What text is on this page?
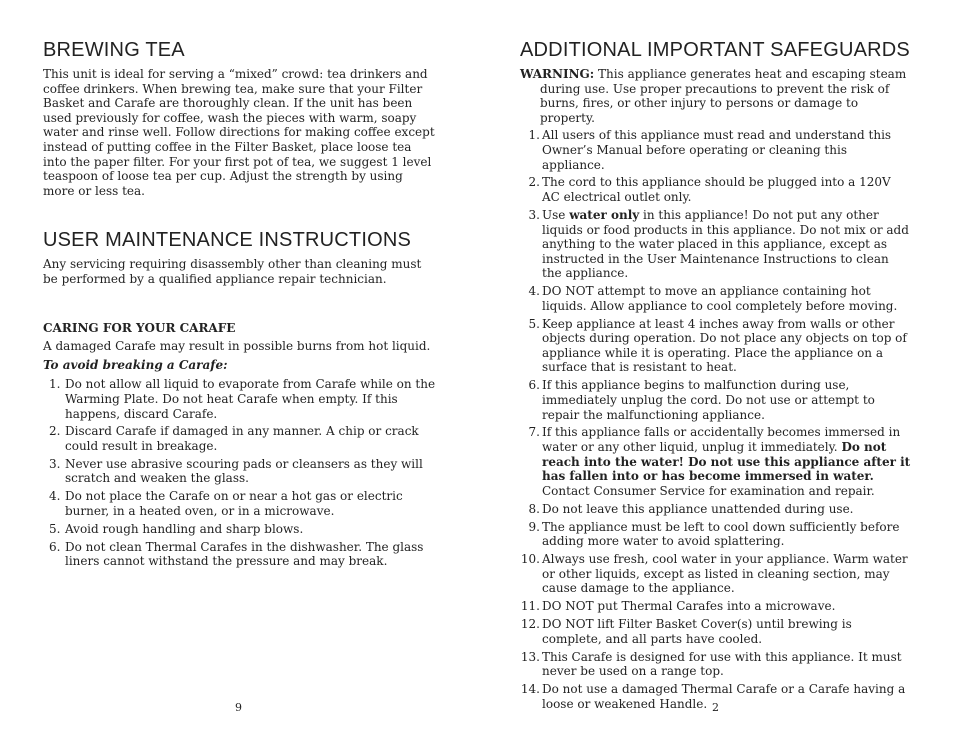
BREWING TEA

This unit is ideal for serving a “mixed” crowd: tea drinkers and coffee drinkers. When brewing tea, make sure that your Filter Basket and Carafe are thoroughly clean. If the unit has been used previously for coffee, wash the pieces with warm, soapy water and rinse well. Follow directions for making coffee except instead of putting coffee in the Filter Basket, place loose tea into the paper filter. For your first pot of tea, we suggest 1 level teaspoon of loose tea per cup. Adjust the strength by using more or less tea.

USER MAINTENANCE INSTRUCTIONS

Any servicing requiring disassembly other than cleaning must be performed by a qualified appliance repair technician.

CARING FOR YOUR CARAFE

A damaged Carafe may result in possible burns from hot liquid.

To avoid breaking a Carafe:
1. Do not allow all liquid to evaporate from Carafe while on the Warming Plate. Do not heat Carafe when empty. If this happens, discard Carafe.
2. Discard Carafe if damaged in any manner. A chip or crack could result in breakage.
3. Never use abrasive scouring pads or cleansers as they will scratch and weaken the glass.
4. Do not place the Carafe on or near a hot gas or electric burner, in a heated oven, or in a microwave.
5. Avoid rough handling and sharp blows.
6. Do not clean Thermal Carafes in the dishwasher. The glass liners cannot withstand the pressure and may break.
ADDITIONAL IMPORTANT SAFEGUARDS
WARNING: This appliance generates heat and escaping steam during use. Use proper precautions to prevent the risk of burns, fires, or other injury to persons or damage to property.
1. All users of this appliance must read and understand this Owner’s Manual before operating or cleaning this appliance.
2. The cord to this appliance should be plugged into a 120V AC electrical outlet only.
3. Use water only in this appliance! Do not put any other liquids or food products in this appliance. Do not mix or add anything to the water placed in this appliance, except as instructed in the User Maintenance Instructions to clean the appliance.
4. DO NOT attempt to move an appliance containing hot liquids. Allow appliance to cool completely before moving.
5. Keep appliance at least 4 inches away from walls or other objects during operation. Do not place any objects on top of appliance while it is operating. Place the appliance on a surface that is resistant to heat.
6. If this appliance begins to malfunction during use, immediately unplug the cord. Do not use or attempt to repair the malfunctioning appliance.
7. If this appliance falls or accidentally becomes immersed in water or any other liquid, unplug it immediately. Do not reach into the water! Do not use this appliance after it has fallen into or has become immersed in water. Contact Consumer Service for examination and repair.
8. Do not leave this appliance unattended during use.
9. The appliance must be left to cool down sufficiently before adding more water to avoid splattering.
10. Always use fresh, cool water in your appliance. Warm water or other liquids, except as listed in cleaning section, may cause damage to the appliance.
11. DO NOT put Thermal Carafes into a microwave.
12. DO NOT lift Filter Basket Cover(s) until brewing is complete, and all parts have cooled.
13. This Carafe is designed for use with this appliance. It must never be used on a range top.
14. Do not use a damaged Thermal Carafe or a Carafe having a loose or weakened Handle.
9	2
